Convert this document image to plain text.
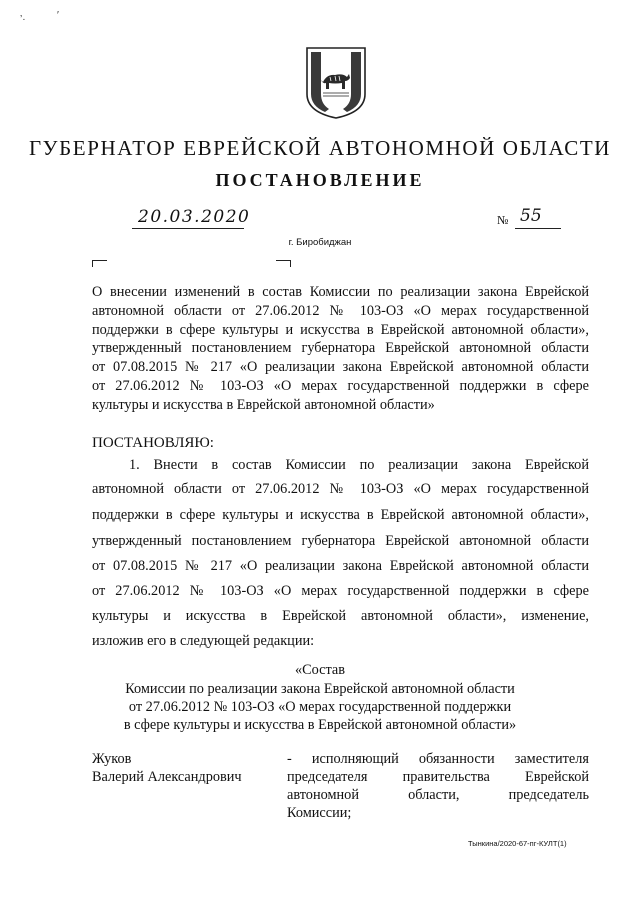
’·	′
ГУБЕРНАТОР ЕВРЕЙСКОЙ АВТОНОМНОЙ ОБЛАСТИ
ПОСТАНОВЛЕНИЕ
20.03.2020	№ 55
г. Биробиджан
О внесении изменений в состав Комиссии по реализации закона Еврейской
автономной области от 27.06.2012 № 103-ОЗ «О мерах государственной
поддержки в сфере культуры и искусства в Еврейской автономной области»,
утвержденный постановлением губернатора Еврейской автономной области
от 07.08.2015 № 217 «О реализации закона Еврейской автономной области
от 27.06.2012 № 103-ОЗ «О мерах государственной поддержки в сфере
культуры и искусства в Еврейской автономной области»
ПОСТАНОВЛЯЮ:
1. Внести в состав Комиссии по реализации закона Еврейской
автономной области от 27.06.2012 № 103-ОЗ «О мерах государственной
поддержки в сфере культуры и искусства в Еврейской автономной области»,
утвержденный постановлением губернатора Еврейской автономной области
от 07.08.2015 № 217 «О реализации закона Еврейской автономной области
от 27.06.2012 № 103-ОЗ «О мерах государственной поддержки в сфере
культуры и искусства в Еврейской автономной области», изменение,
изложив его в следующей редакции:
«Состав
Комиссии по реализации закона Еврейской автономной области
от 27.06.2012 № 103-ОЗ «О мерах государственной поддержки
в сфере культуры и искусства в Еврейской автономной области»
Жуков
Валерий Александрович
- исполняющий обязанности заместителя
председателя правительства Еврейской
автономной области, председатель
Комиссии;
Тынкина/2020-67-пг-КУЛТ(1)
